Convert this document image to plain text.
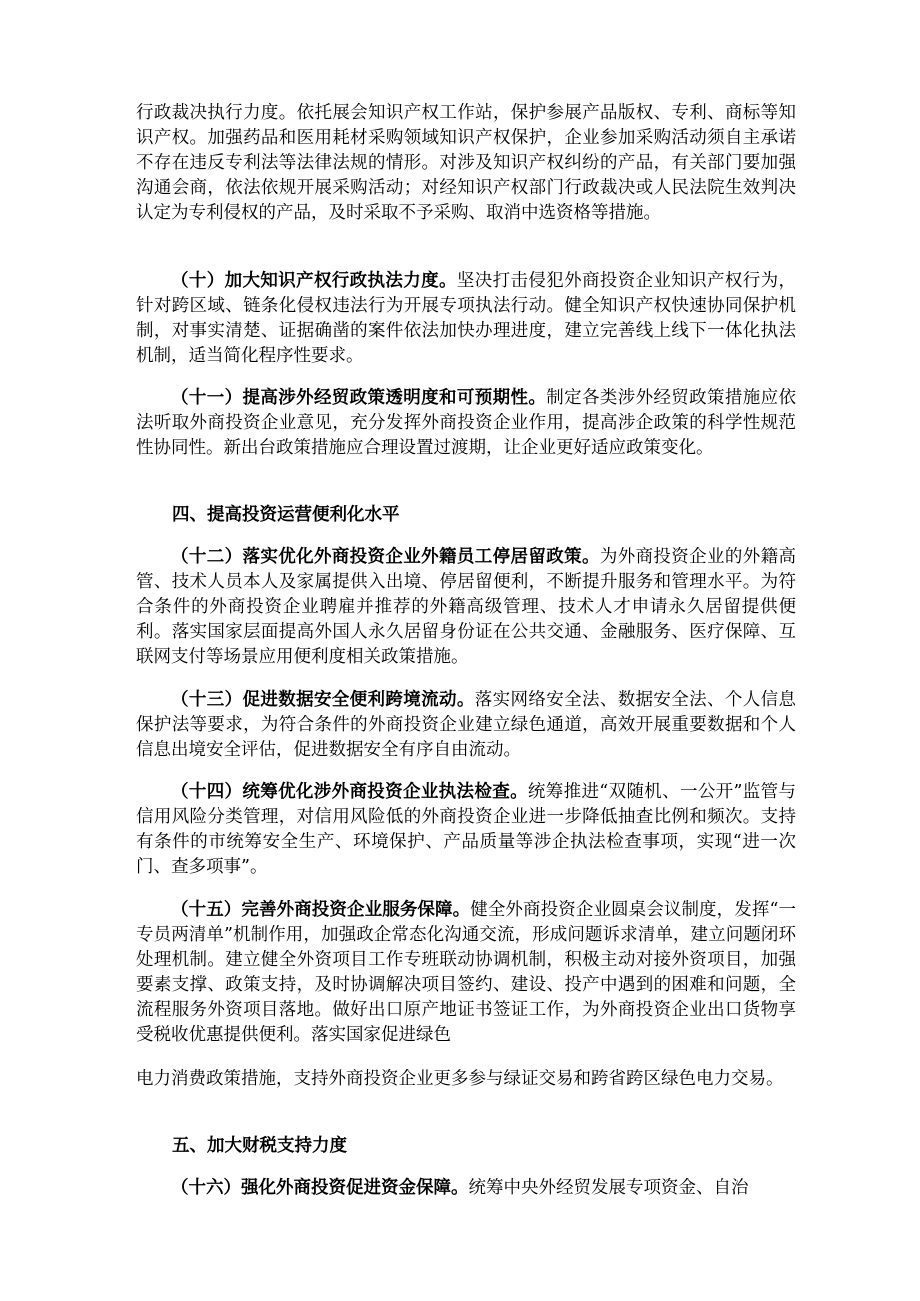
行政裁决执行力度。依托展会知识产权工作站，保护参展产品版权、专利、商标等知识产权。加强药品和医用耗材采购领域知识产权保护，企业参加采购活动须自主承诺不存在违反专利法等法律法规的情形。对涉及知识产权纠纷的产品，有关部门要加强沟通会商，依法依规开展采购活动；对经知识产权部门行政裁决或人民法院生效判决认定为专利侵权的产品，及时采取不予采购、取消中选资格等措施。

（十）加大知识产权行政执法力度。坚决打击侵犯外商投资企业知识产权行为，针对跨区域、链条化侵权违法行为开展专项执法行动。健全知识产权快速协同保护机制，对事实清楚、证据确凿的案件依法加快办理进度，建立完善线上线下一体化执法机制，适当简化程序性要求。

（十一）提高涉外经贸政策透明度和可预期性。制定各类涉外经贸政策措施应依法听取外商投资企业意见，充分发挥外商投资企业作用，提高涉企政策的科学性规范性协同性。新出台政策措施应合理设置过渡期，让企业更好适应政策变化。

四、提高投资运营便利化水平

（十二）落实优化外商投资企业外籍员工停居留政策。为外商投资企业的外籍高管、技术人员本人及家属提供入出境、停居留便利，不断提升服务和管理水平。为符合条件的外商投资企业聘雇并推荐的外籍高级管理、技术人才申请永久居留提供便利。落实国家层面提高外国人永久居留身份证在公共交通、金融服务、医疗保障、互联网支付等场景应用便利度相关政策措施。

（十三）促进数据安全便利跨境流动。落实网络安全法、数据安全法、个人信息保护法等要求，为符合条件的外商投资企业建立绿色通道，高效开展重要数据和个人信息出境安全评估，促进数据安全有序自由流动。

（十四）统筹优化涉外商投资企业执法检查。统筹推进“双随机、一公开”监管与信用风险分类管理，对信用风险低的外商投资企业进一步降低抽查比例和频次。支持有条件的市统筹安全生产、环境保护、产品质量等涉企执法检查事项，实现“进一次门、查多项事”。

（十五）完善外商投资企业服务保障。健全外商投资企业圆桌会议制度，发挥“一专员两清单”机制作用，加强政企常态化沟通交流，形成问题诉求清单，建立问题闭环处理机制。建立健全外资项目工作专班联动协调机制，积极主动对接外资项目，加强要素支撑、政策支持，及时协调解决项目签约、建设、投产中遇到的困难和问题，全流程服务外资项目落地。做好出口原产地证书签证工作，为外商投资企业出口货物享受税收优惠提供便利。落实国家促进绿色

电力消费政策措施，支持外商投资企业更多参与绿证交易和跨省跨区绿色电力交易。

五、加大财税支持力度

（十六）强化外商投资促进资金保障。统筹中央外经贸发展专项资金、自治
